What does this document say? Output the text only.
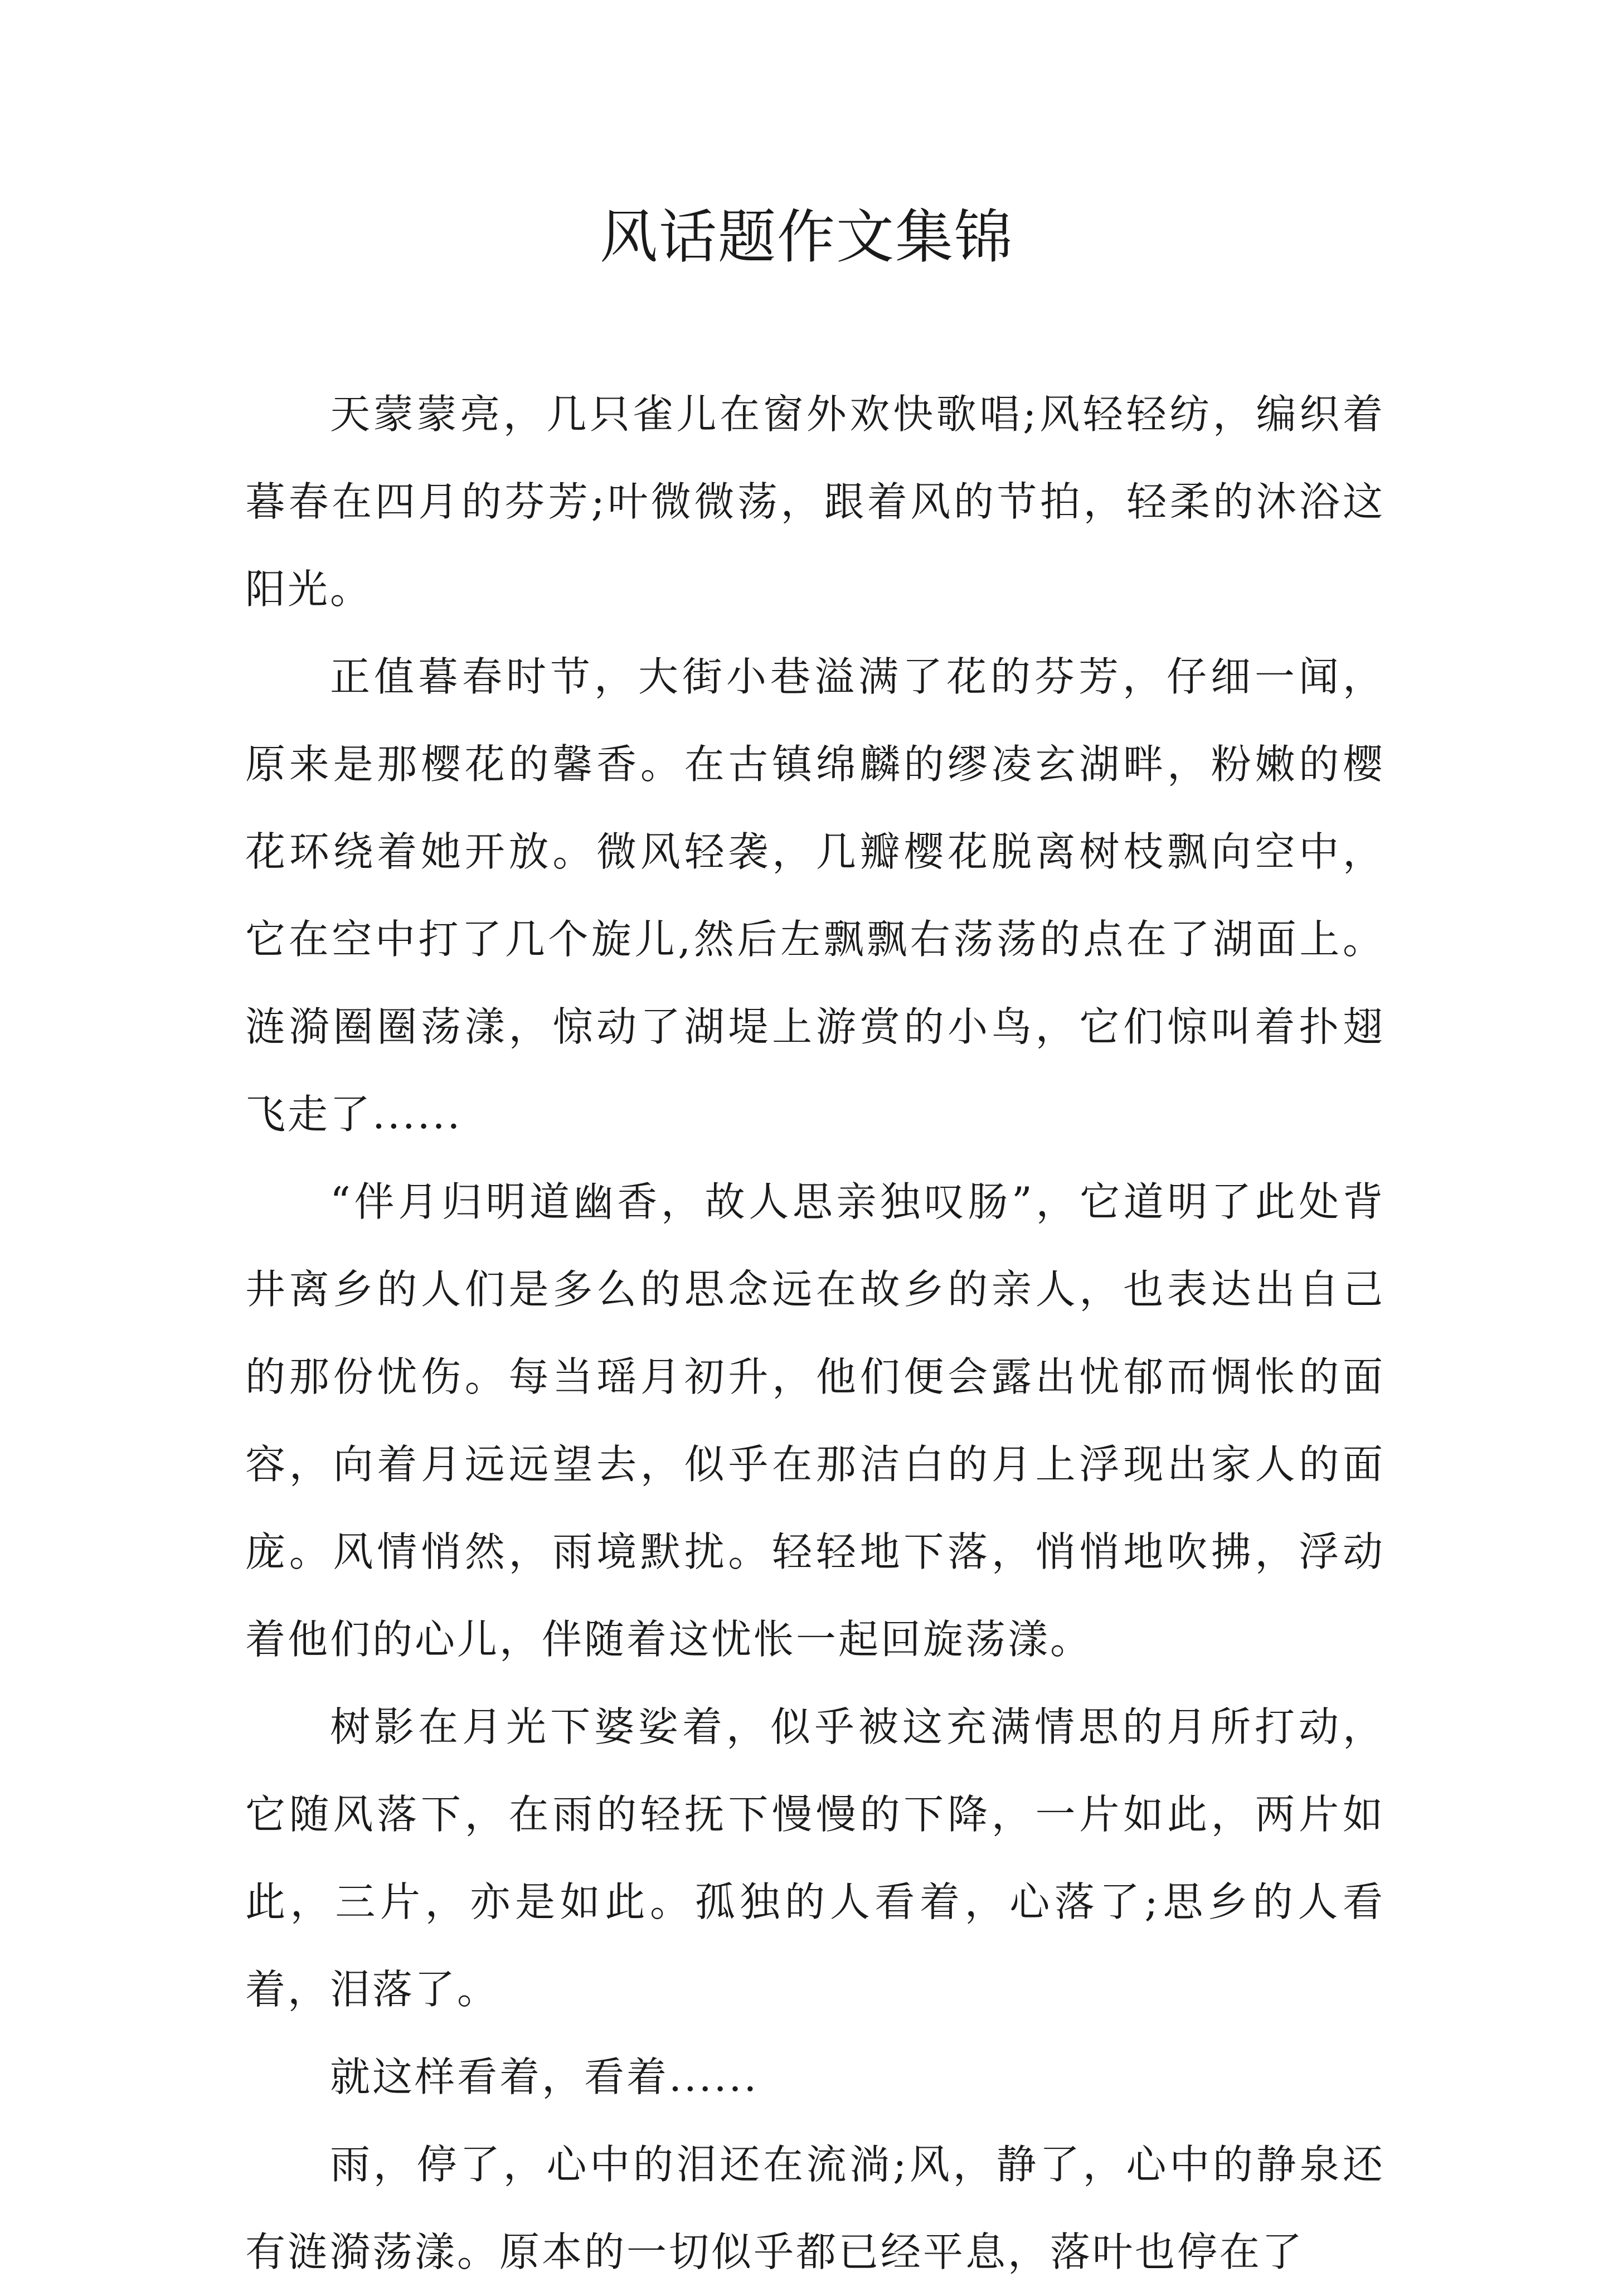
风话题作文集锦

天蒙蒙亮，几只雀儿在窗外欢快歌唱;风轻轻纺，编织着暮春在四月的芬芳;叶微微荡，跟着风的节拍，轻柔的沐浴这阳光。

正值暮春时节，大街小巷溢满了花的芬芳，仔细一闻，原来是那樱花的馨香。在古镇绵麟的缪凌玄湖畔，粉嫩的樱花环绕着她开放。微风轻袭，几瓣樱花脱离树枝飘向空中，它在空中打了几个旋儿,然后左飘飘右荡荡的点在了湖面上。涟漪圈圈荡漾，惊动了湖堤上游赏的小鸟，它们惊叫着扑翅飞走了......

“伴月归明道幽香，故人思亲独叹肠”，它道明了此处背井离乡的人们是多么的思念远在故乡的亲人，也表达出自己的那份忧伤。每当瑶月初升，他们便会露出忧郁而惆怅的面容，向着月远远望去，似乎在那洁白的月上浮现出家人的面庞。风情悄然，雨境默扰。轻轻地下落，悄悄地吹拂，浮动着他们的心儿，伴随着这忧怅一起回旋荡漾。

树影在月光下婆娑着，似乎被这充满情思的月所打动，它随风落下，在雨的轻抚下慢慢的下降，一片如此，两片如此，三片，亦是如此。孤独的人看着，心落了;思乡的人看着，泪落了。

就这样看着，看着......

雨，停了，心中的泪还在流淌;风，静了，心中的静泉还有涟漪荡漾。原本的一切似乎都已经平息，落叶也停在了
